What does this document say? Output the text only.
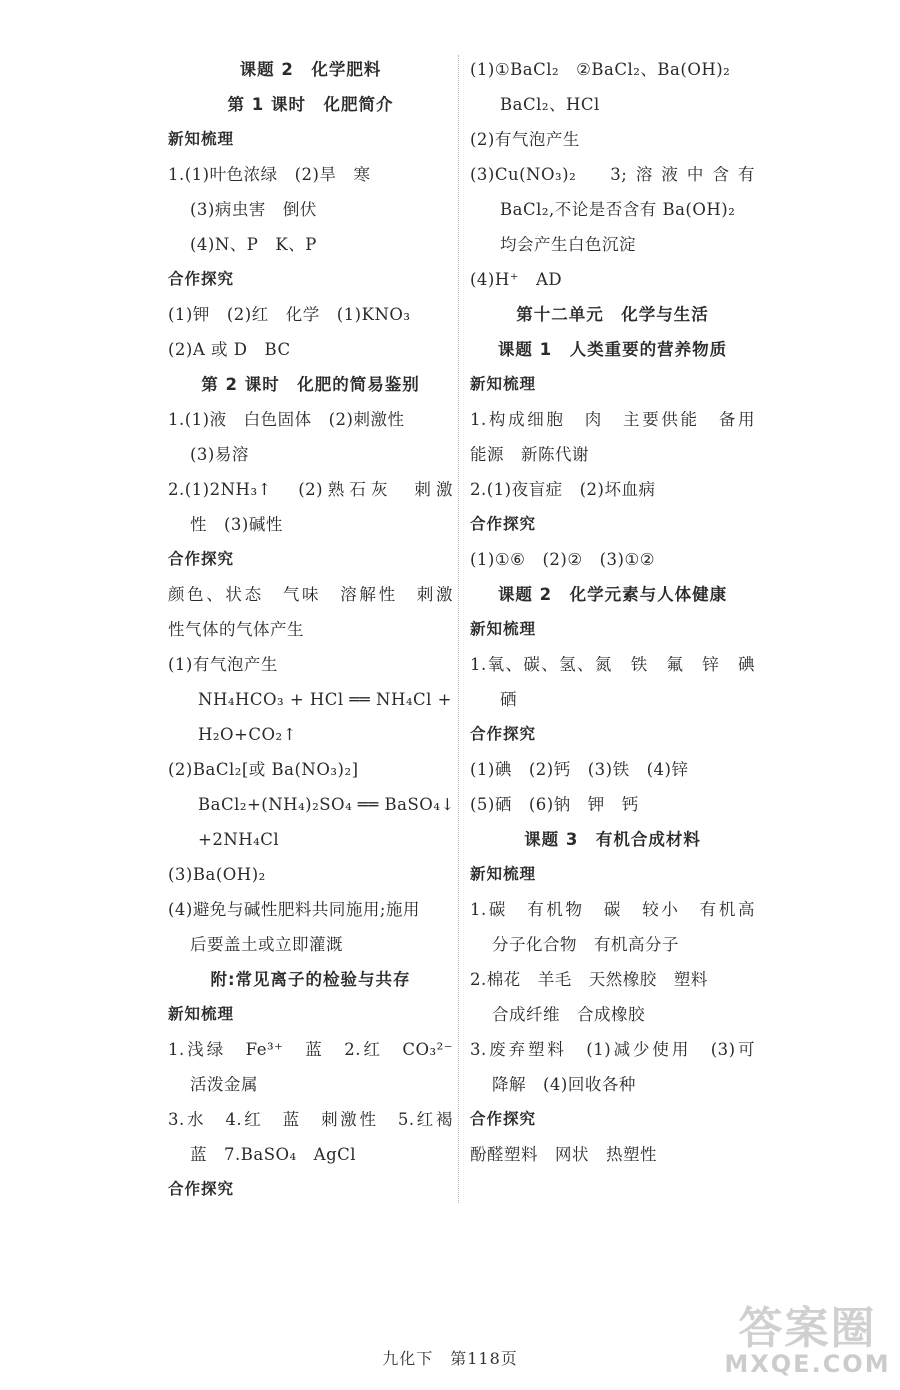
课题 2　化学肥料
第 1 课时　化肥简介
新知梳理
1.(1)叶色浓绿　(2)旱　寒
(3)病虫害　倒伏
(4)N、P　K、P
合作探究
(1)钾　(2)红　化学　(1)KNO₃
(2)A 或 D　BC
第 2 课时　化肥的简易鉴别
1.(1)液　白色固体　(2)刺激性
(3)易溶
2.(1)2NH₃↑　(2)熟石灰　刺激
性　(3)碱性
合作探究
颜色、状态　气味　溶解性　刺激
性气体的气体产生
(1)有气泡产生
NH₄HCO₃ + HCl ══ NH₄Cl +
H₂O+CO₂↑
(2)BaCl₂[或 Ba(NO₃)₂]
BaCl₂+(NH₄)₂SO₄ ══ BaSO₄↓
+2NH₄Cl
(3)Ba(OH)₂
(4)避免与碱性肥料共同施用;施用
后要盖土或立即灌溉
附:常见离子的检验与共存
新知梳理
1.浅绿　Fe³⁺　蓝　2.红　CO₃²⁻
活泼金属
3.水　4.红　蓝　刺激性　5.红褐
蓝　7.BaSO₄　AgCl
合作探究
(1)①BaCl₂　②BaCl₂、Ba(OH)₂
BaCl₂、HCl
(2)有气泡产生
(3)Cu(NO₃)₂　3;溶液中含有
BaCl₂,不论是否含有 Ba(OH)₂
均会产生白色沉淀
(4)H⁺　AD
第十二单元　化学与生活
课题 1　人类重要的营养物质
新知梳理
1.构成细胞　肉　主要供能　备用
能源　新陈代谢
2.(1)夜盲症　(2)坏血病
合作探究
(1)①⑥　(2)②　(3)①②
课题 2　化学元素与人体健康
新知梳理
1.氧、碳、氢、氮　铁　氟　锌　碘
硒
合作探究
(1)碘　(2)钙　(3)铁　(4)锌
(5)硒　(6)钠　钾　钙
课题 3　有机合成材料
新知梳理
1.碳　有机物　碳　较小　有机高
分子化合物　有机高分子
2.棉花　羊毛　天然橡胶　塑料
合成纤维　合成橡胶
3.废弃塑料　(1)减少使用　(3)可
降解　(4)回收各种
合作探究
酚醛塑料　网状　热塑性
九化下　第118页
答案圈
MXQE.COM
